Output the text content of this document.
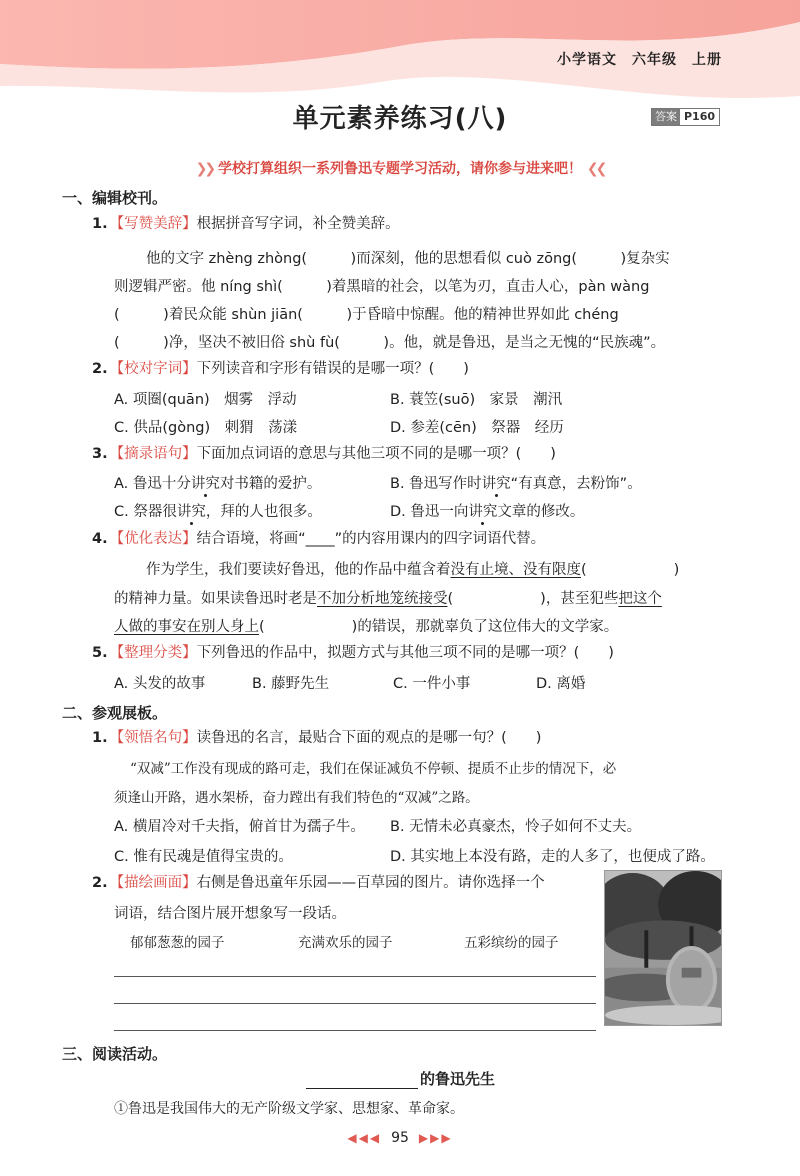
小学语文　六年级　上册
单元素养练习(八)	答案 P160
❯❯ 学校打算组织一系列鲁迅专题学习活动，请你参与进来吧！ ❮❮
一、编辑校刊。
1. 【写赞美辞】根据拼音写字词，补全赞美辞。
他的文字 zhèng zhòng(　　　)而深刻，他的思想看似 cuò zōng(　　　)复杂实
则逻辑严密。他 níng shì(　　　)着黑暗的社会，以笔为刃，直击人心，pàn wàng
(　　　)着民众能 shùn jiān(　　　)于昏暗中惊醒。他的精神世界如此 chéng
(　　　)净，坚决不被旧俗 shù fù(　　　)。他，就是鲁迅，是当之无愧的“民族魂”。
2. 【校对字词】下列读音和字形有错误的是哪一项？(　　)
A. 项圈(quān)　烟雾　浮动	B. 蓑笠(suō)　家景　潮汛
C. 供品(gòng)　刺猬　荡漾	D. 参差(cēn)　祭器　经历
3. 【摘录语句】下面加点词语的意思与其他三项不同的是哪一项？(　　)
A. 鲁迅十分讲究对书籍的爱护。	B. 鲁迅写作时讲究“有真意，去粉饰”。
C. 祭器很讲究，拜的人也很多。	D. 鲁迅一向讲究文章的修改。
4. 【优化表达】结合语境，将画“____”的内容用课内的四字词语代替。
作为学生，我们要读好鲁迅，他的作品中蕴含着没有止境、没有限度(　　　　　　)
的精神力量。如果读鲁迅时老是不加分析地笼统接受(　　　　　　)，甚至犯些把这个
人做的事安在别人身上(　　　　　　)的错误，那就辜负了这位伟大的文学家。
5. 【整理分类】下列鲁迅的作品中，拟题方式与其他三项不同的是哪一项？(　　)
A. 头发的故事	B. 藤野先生	C. 一件小事	D. 离婚
二、参观展板。
1. 【领悟名句】读鲁迅的名言，最贴合下面的观点的是哪一句？(　　)
“双减”工作没有现成的路可走，我们在保证减负不停顿、提质不止步的情况下，必
须逢山开路，遇水架桥，奋力蹚出有我们特色的“双减”之路。
A. 横眉冷对千夫指，俯首甘为孺子牛。 B. 无情未必真豪杰，怜子如何不丈夫。
C. 惟有民魂是值得宝贵的。	D. 其实地上本没有路，走的人多了，也便成了路。
2. 【描绘画面】右侧是鲁迅童年乐园——百草园的图片。请你选择一个
词语，结合图片展开想象写一段话。
郁郁葱葱的园子	充满欢乐的园子	五彩缤纷的园子
三、阅读活动。
的鲁迅先生
①鲁迅是我国伟大的无产阶级文学家、思想家、革命家。
◀◀◀ 95 ▶▶▶
